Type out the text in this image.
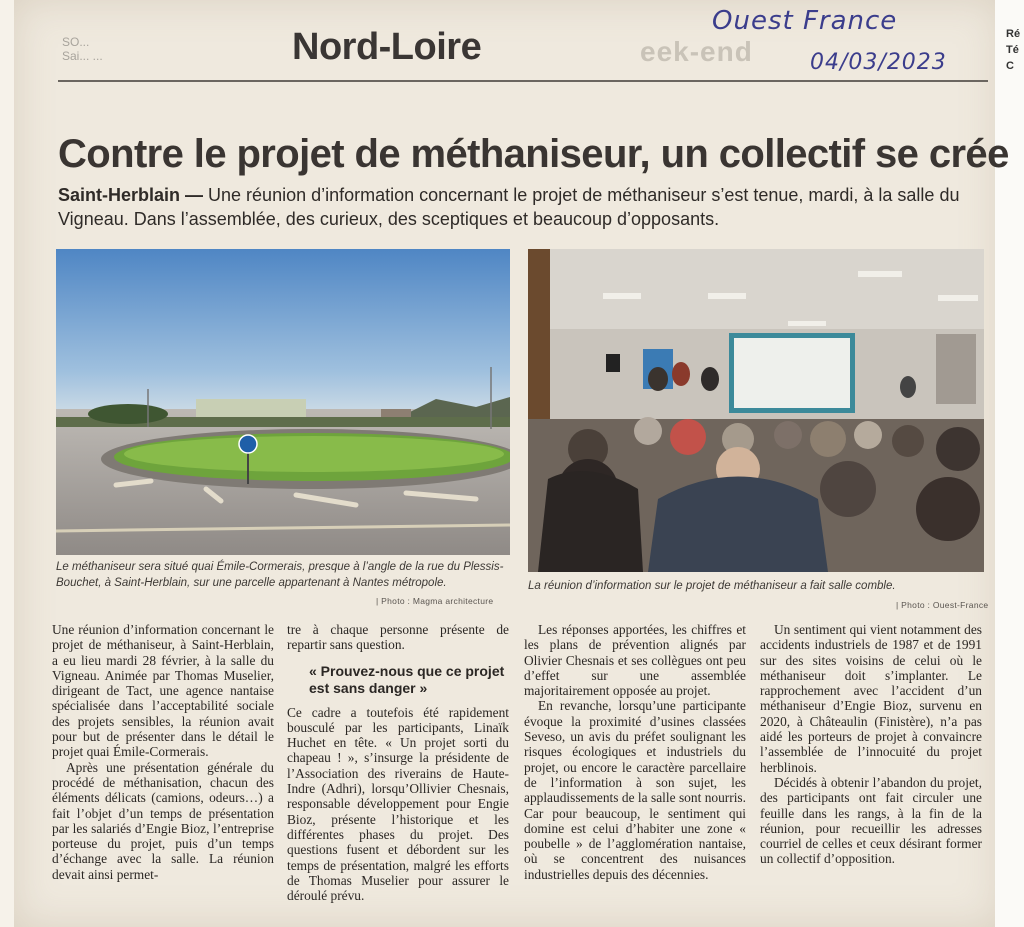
SO...
Sai... ...	eek-end
Ré
Té
C
Nord-Loire
Ouest France
04/03/2023
Contre le projet de méthaniseur, un collectif se crée
Saint-Herblain — Une réunion d’information concernant le projet de méthaniseur s’est tenue, mardi, à la salle du Vigneau. Dans l’assemblée, des curieux, des sceptiques et beaucoup d’opposants.
Le méthaniseur sera situé quai Émile-Cormerais, presque à l’angle de la rue du Plessis-Bouchet, à Saint-Herblain, sur une parcelle appartenant à Nantes métropole.
| Photo : Magma architecture
La réunion d’information sur le projet de méthaniseur a fait salle comble.
| Photo : Ouest-France

Une réunion d’information concernant le projet de méthaniseur, à Saint-Herblain, a eu lieu mardi 28 février, à la salle du Vigneau. Animée par Thomas Muselier, dirigeant de Tact, une agence nantaise spécialisée dans l’acceptabilité sociale des projets sensibles, la réunion avait pour but de présenter dans le détail le projet quai Émile-Cormerais.

Après une présentation générale du procédé de méthanisation, chacun des éléments délicats (camions, odeurs…) a fait l’objet d’un temps de présentation par les salariés d’Engie Bioz, l’entreprise porteuse du projet, puis d’un temps d’échange avec la salle. La réunion devait ainsi permet-

tre à chaque personne présente de repartir sans question.

« Prouvez-nous que ce projet est sans danger »

Ce cadre a toutefois été rapidement bousculé par les participants, Linaïk Huchet en tête. « Un projet sorti du chapeau ! », s’insurge la présidente de l’Association des riverains de Haute-Indre (Adhri), lorsqu’Ollivier Chesnais, responsable développement pour Engie Bioz, présente l’historique et les différentes phases du projet. Des questions fusent et débordent sur les temps de présentation, malgré les efforts de Thomas Muselier pour assurer le déroulé prévu.

Les réponses apportées, les chiffres et les plans de prévention alignés par Olivier Chesnais et ses collègues ont peu d’effet sur une assemblée majoritairement opposée au projet.

En revanche, lorsqu’une participante évoque la proximité d’usines classées Seveso, un avis du préfet soulignant les risques écologiques et industriels du projet, ou encore le caractère parcellaire de l’information à son sujet, les applaudissements de la salle sont nourris. Car pour beaucoup, le sentiment qui domine est celui d’habiter une zone « poubelle » de l’agglomération nantaise, où se concentrent des nuisances industrielles depuis des décennies.

Un sentiment qui vient notamment des accidents industriels de 1987 et de 1991 sur des sites voisins de celui où le méthaniseur doit s’implanter. Le rapprochement avec l’accident d’un méthaniseur d’Engie Bioz, survenu en 2020, à Châteaulin (Finistère), n’a pas aidé les porteurs de projet à convaincre l’assemblée de l’innocuité du projet herblinois.

Décidés à obtenir l’abandon du projet, des participants ont fait circuler une feuille dans les rangs, à la fin de la réunion, pour recueillir les adresses courriel de celles et ceux désirant former un collectif d’opposition.
